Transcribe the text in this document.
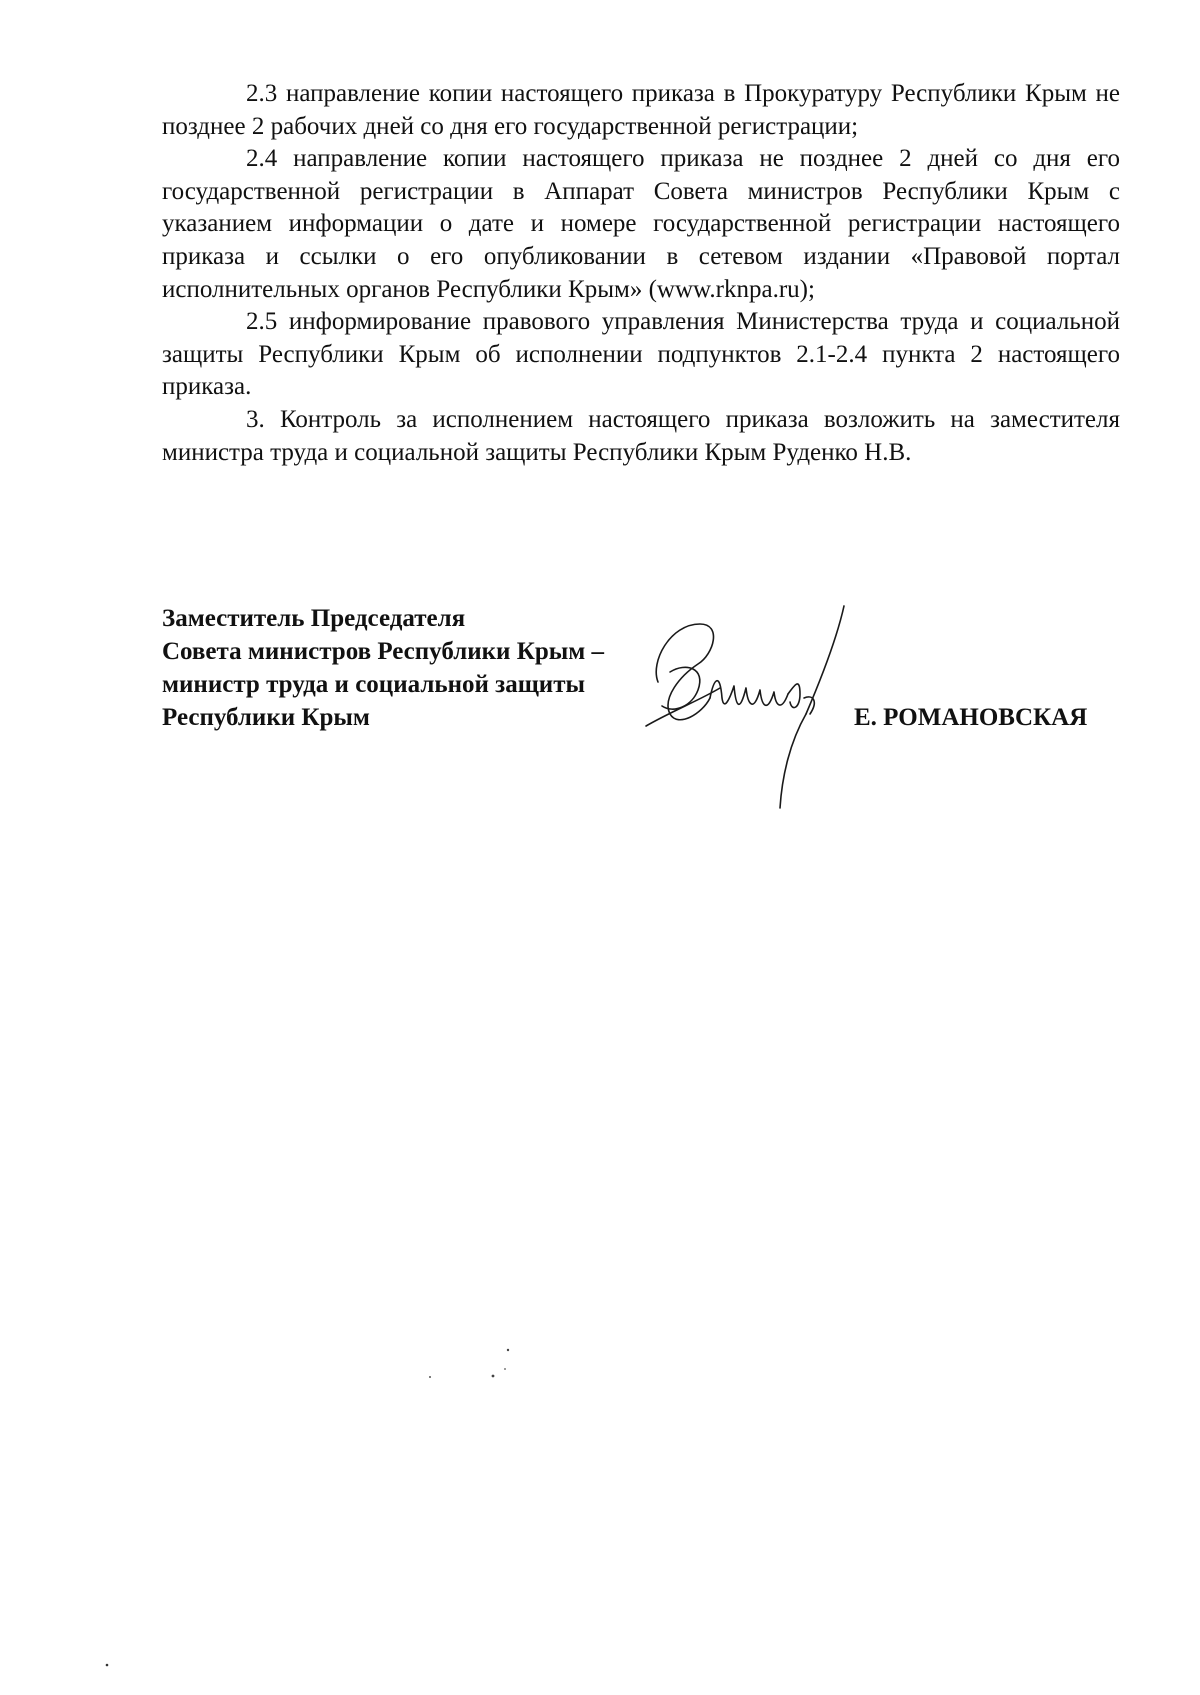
2.3 направление копии настоящего приказа в Прокуратуру Республики Крым не позднее 2 рабочих дней со дня его государственной регистрации;

2.4 направление копии настоящего приказа не позднее 2 дней со дня его государственной регистрации в Аппарат Совета министров Республики Крым с указанием информации о дате и номере государственной регистрации настоящего приказа и ссылки о его опубликовании в сетевом издании «Правовой портал исполнительных органов Республики Крым» (www.rknpa.ru);

2.5 информирование правового управления Министерства труда и социальной защиты Республики Крым об исполнении подпунктов 2.1-2.4 пункта 2 настоящего приказа.

3. Контроль за исполнением настоящего приказа возложить на заместителя министра труда и социальной защиты Республики Крым Руденко Н.В.

Заместитель Председателя
Совета министров Республики Крым –
министр труда и социальной защиты
Республики Крым	Е. РОМАНОВСКАЯ
